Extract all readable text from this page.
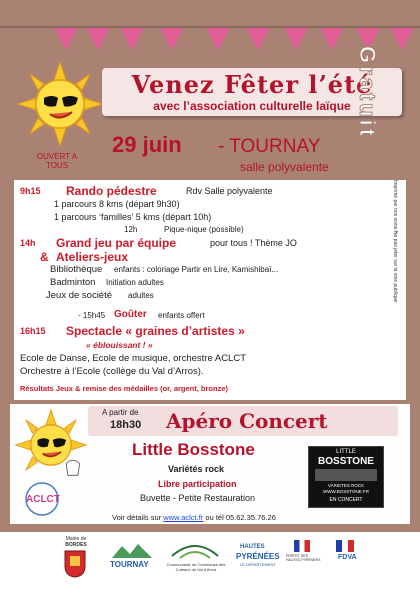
Venez Fêter l’été
avec l’association culturelle laïque
OUVERT A TOUS
29 juin - TOURNAY
salle polyvalente
9h15 Rando pédestre	Rdv Salle polyvalente
1 parcours 8 kms (départ 9h30)
1 parcours ‘familles’ 5 kms (départ 10h)
12h	Pique-nique (possible)
14h Grand jeu par équipe	pour tous ! Thème JO
& Ateliers-jeux
Bibliothèque enfants : coloriage Partir en Lire, Kamishibaï...
Badminton Initiation adultes
Jeux de société adultes
- 15h45 Goûter enfants offert
16h15 Spectacle « graines d’artistes »
« éblouissant ! »
Ecole de Danse, Ecole de musique, orchestre ACLCT
Orchestre à l’Ecole (collège du Val d’Arros).
Résultats Jeux & remise des médailles (or, argent, bronze)
Gratuit
Imprimé par nos soins-Ne pas jeter sur la voie publique
A partir de
18h30 Apéro Concert
ACLCT
Little Bosstone
Variétés rock
Libre participation
Buvette - Petite Restauration
LITTLE
BOSSTONE
VARIETES ROCK
WWW.BOSSTONE.FR
EN CONCERT
Voir détails sur www.aclct.fr ou tél 05.62.35.76.26
Mairie de
BORDES
TOURNAY	Communauté de Communes des Coteaux du Val d’Arros
HAUTES
PYRÉNÉES
LE DÉPARTEMENT
PRÉFET DES HAUTES-PYRÉNÉES	FDVA
